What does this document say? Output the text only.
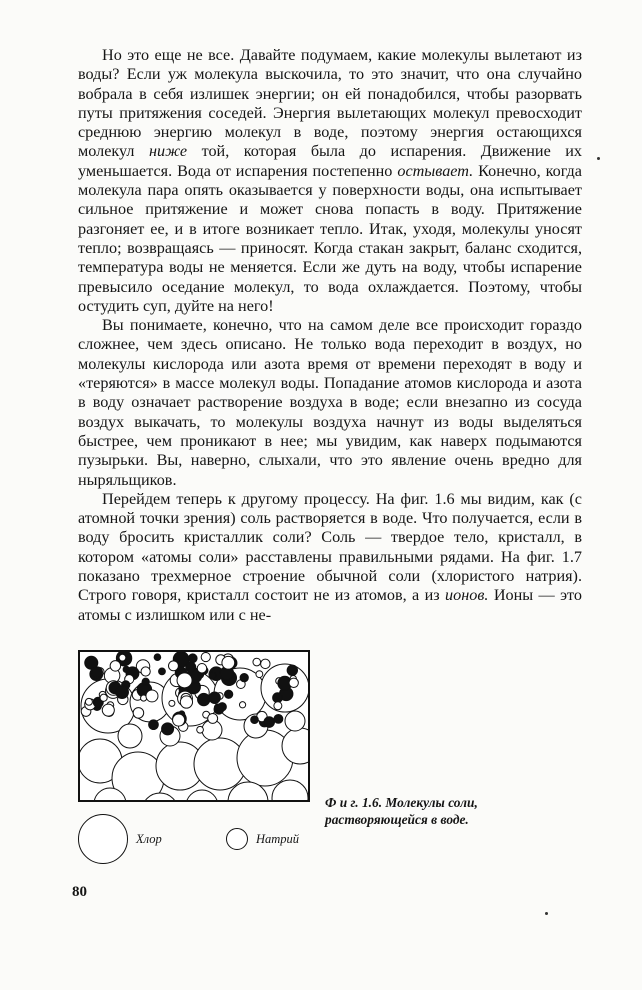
Но это еще не все. Давайте подумаем, какие молекулы вылетают из воды? Если уж молекула выскочила, то это значит, что она случайно вобрала в себя излишек энергии; он ей понадобился, чтобы разорвать путы притяжения соседей. Энергия вылетающих молекул превосходит среднюю энергию молекул в воде, поэтому энергия остающихся молекул ниже той, которая была до испарения. Движение их уменьшается. Вода от испарения постепенно остывает. Конечно, когда молекула пара опять оказывается у поверхности воды, она испытывает сильное притяжение и может снова попасть в воду. Притяжение разгоняет ее, и в итоге возникает тепло. Итак, уходя, молекулы уносят тепло; возвращаясь — приносят. Когда стакан закрыт, баланс сходится, температура воды не меняется. Если же дуть на воду, чтобы испарение превысило оседание молекул, то вода охлаждается. Поэтому, чтобы остудить суп, дуйте на него!

Вы понимаете, конечно, что на самом деле все происходит гораздо сложнее, чем здесь описано. Не только вода переходит в воздух, но молекулы кислорода или азота время от времени переходят в воду и «теряются» в массе молекул воды. Попадание атомов кислорода и азота в воду означает растворение воздуха в воде; если внезапно из сосуда воздух выкачать, то молекулы воздуха начнут из воды выделяться быстрее, чем проникают в нее; мы увидим, как наверх подымаются пузырьки. Вы, наверно, слыхали, что это явление очень вредно для ныряльщиков.

Перейдем теперь к другому процессу. На фиг. 1.6 мы видим, как (с атомной точки зрения) соль растворяется в воде. Что получается, если в воду бросить кристаллик соли? Соль — твердое тело, кристалл, в котором «атомы соли» расставлены правильными рядами. На фиг. 1.7 показано трехмерное строение обычной соли (хлористого натрия). Строго говоря, кристалл состоит не из атомов, а из ионов. Ионы — это атомы с излишком или с не-

Ф и г. 1.6. Молекулы соли, растворяющейся в воде.
Хлор	Натрий
80
